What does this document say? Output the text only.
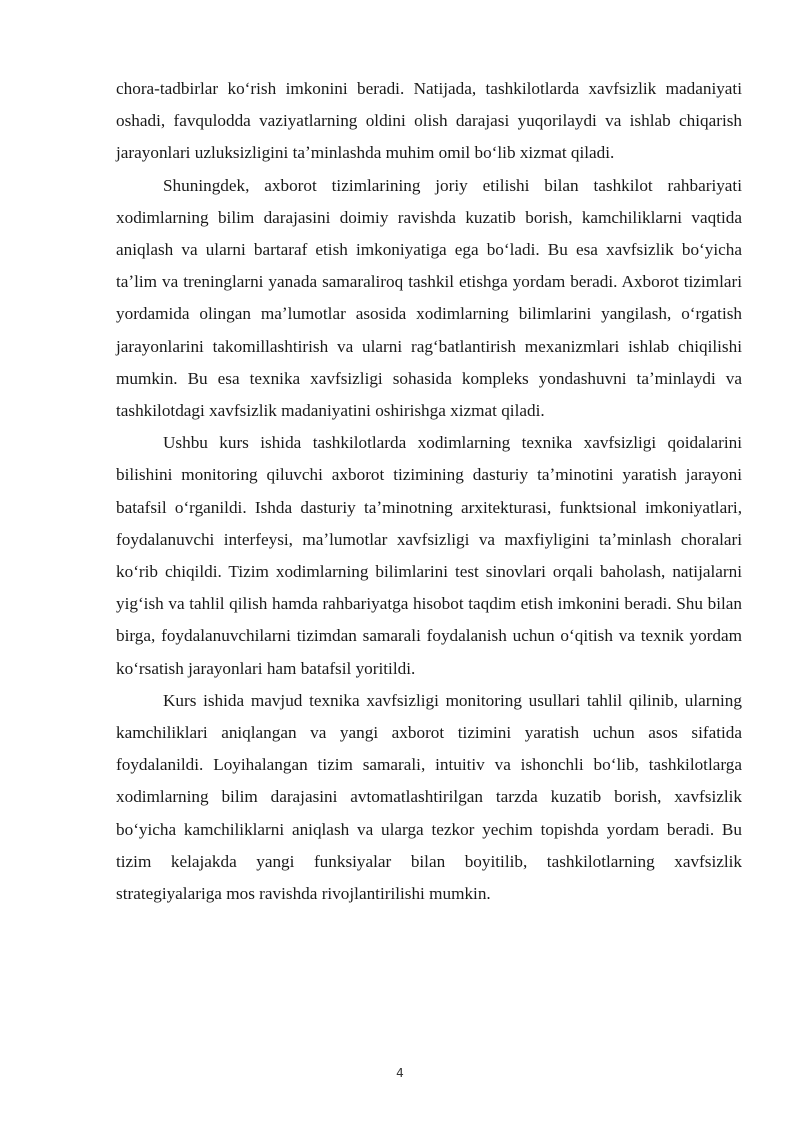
chora-tadbirlar koʻrish imkonini beradi. Natijada, tashkilotlarda xavfsizlik madaniyati oshadi, favqulodda vaziyatlarning oldini olish darajasi yuqorilaydi va ishlab chiqarish jarayonlari uzluksizligini taʼminlashda muhim omil boʻlib xizmat qiladi.

Shuningdek, axborot tizimlarining joriy etilishi bilan tashkilot rahbariyati xodimlarning bilim darajasini doimiy ravishda kuzatib borish, kamchiliklarni vaqtida aniqlash va ularni bartaraf etish imkoniyatiga ega boʻladi. Bu esa xavfsizlik boʻyicha taʼlim va treninglarni yanada samaraliroq tashkil etishga yordam beradi. Axborot tizimlari yordamida olingan maʼlumotlar asosida xodimlarning bilimlarini yangilash, oʻrgatish jarayonlarini takomillashtirish va ularni ragʻbatlantirish mexanizmlari ishlab chiqilishi mumkin. Bu esa texnika xavfsizligi sohasida kompleks yondashuvni taʼminlaydi va tashkilotdagi xavfsizlik madaniyatini oshirishga xizmat qiladi.

Ushbu kurs ishida tashkilotlarda xodimlarning texnika xavfsizligi qoidalarini bilishini monitoring qiluvchi axborot tizimining dasturiy taʼminotini yaratish jarayoni batafsil oʻrganildi. Ishda dasturiy taʼminotning arxitekturasi, funktsional imkoniyatlari, foydalanuvchi interfeysi, maʼlumotlar xavfsizligi va maxfiyligini taʼminlash choralari koʻrib chiqildi. Tizim xodimlarning bilimlarini test sinovlari orqali baholash, natijalarni yigʻish va tahlil qilish hamda rahbariyatga hisobot taqdim etish imkonini beradi. Shu bilan birga, foydalanuvchilarni tizimdan samarali foydalanish uchun oʻqitish va texnik yordam koʻrsatish jarayonlari ham batafsil yoritildi.

Kurs ishida mavjud texnika xavfsizligi monitoring usullari tahlil qilinib, ularning kamchiliklari aniqlangan va yangi axborot tizimini yaratish uchun asos sifatida foydalanildi. Loyihalangan tizim samarali, intuitiv va ishonchli boʻlib, tashkilotlarga xodimlarning bilim darajasini avtomatlashtirilgan tarzda kuzatib borish, xavfsizlik boʻyicha kamchiliklarni aniqlash va ularga tezkor yechim topishda yordam beradi. Bu tizim kelajakda yangi funksiyalar bilan boyitilib, tashkilotlarning xavfsizlik strategiyalariga mos ravishda rivojlantirilishi mumkin.

4
